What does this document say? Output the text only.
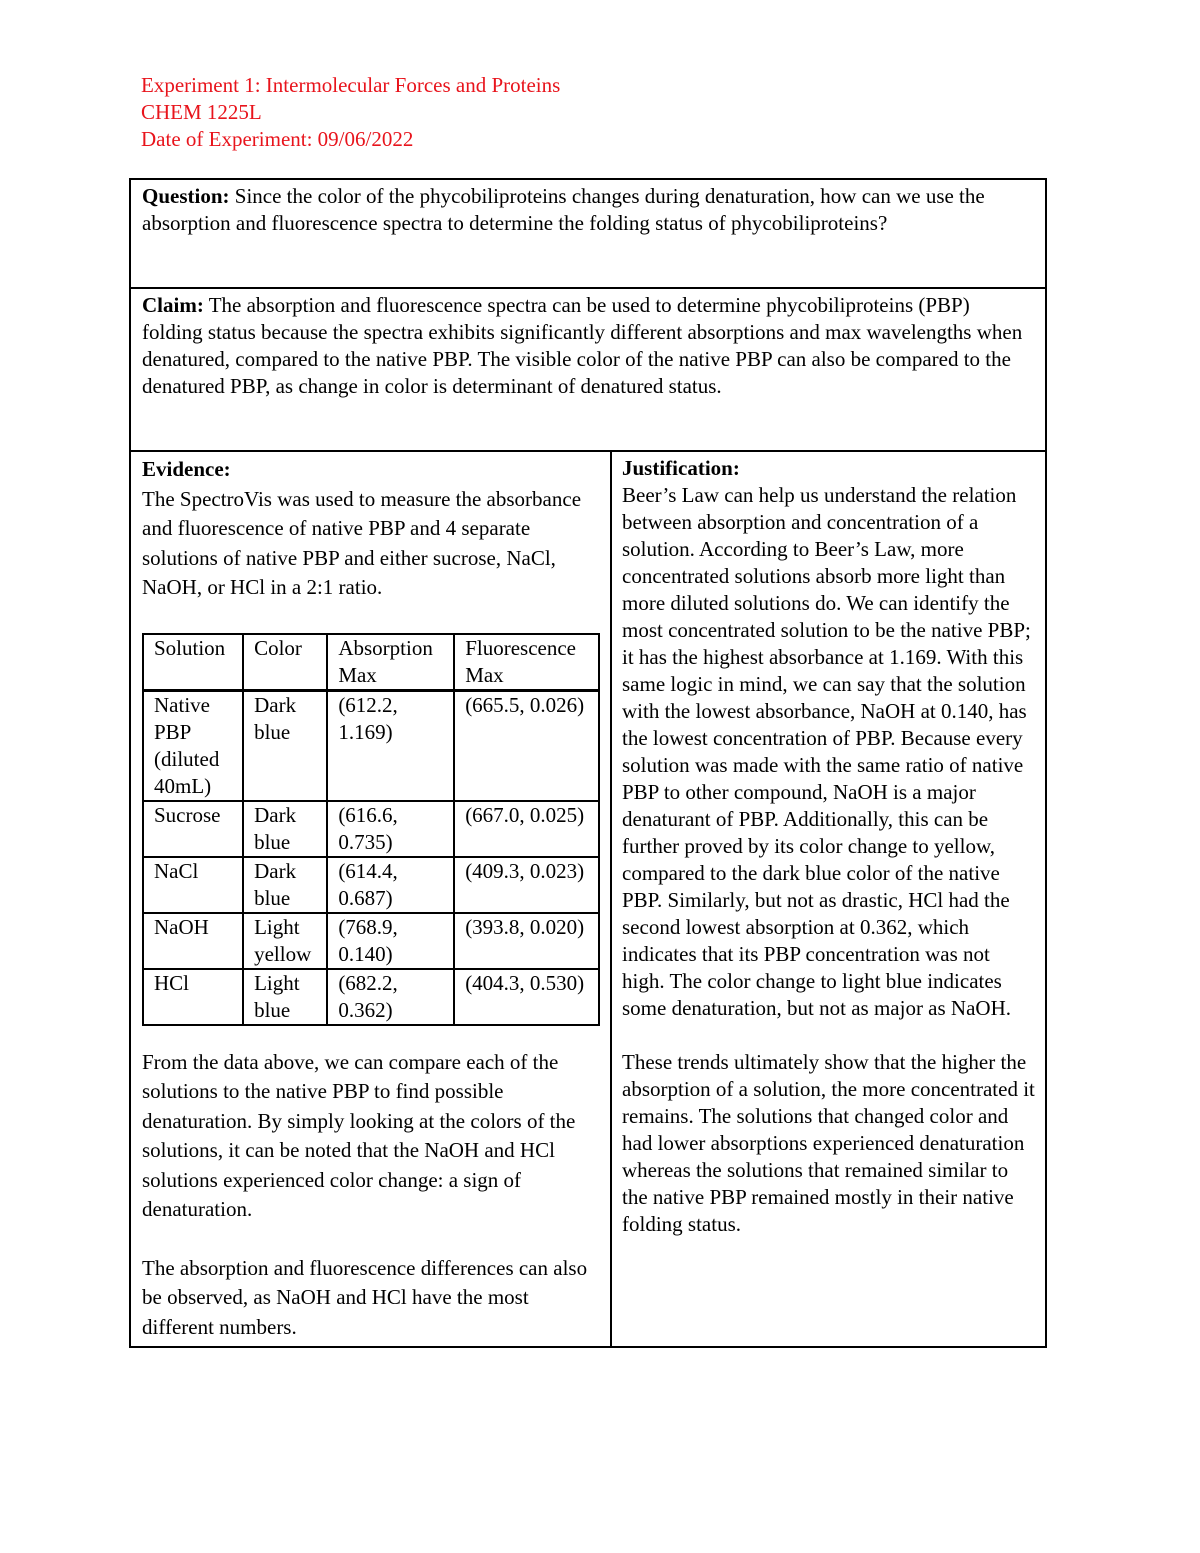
Experiment 1: Intermolecular Forces and Proteins
CHEM 1225L
Date of Experiment: 09/06/2022
Question: Since the color of the phycobiliproteins changes during denaturation, how can we use the absorption and fluorescence spectra to determine the folding status of phycobiliproteins?
Claim: The absorption and fluorescence spectra can be used to determine phycobiliproteins (PBP) folding status because the spectra exhibits significantly different absorptions and max wavelengths when denatured, compared to the native PBP. The visible color of the native PBP can also be compared to the denatured PBP, as change in color is determinant of denatured status.
Evidence:

The SpectroVis was used to measure the absorbance and fluorescence of native PBP and 4 separate solutions of native PBP and either sucrose, NaCl, NaOH, or HCl in a 2:1 ratio.

Solution	Color	Absorption Max	Fluorescence Max
Native PBP (diluted 40mL)	Dark blue	(612.2, 1.169)	(665.5, 0.026)
Sucrose	Dark blue	(616.6, 0.735)	(667.0, 0.025)
NaCl	Dark blue	(614.4, 0.687)	(409.3, 0.023)
NaOH	Light yellow	(768.9, 0.140)	(393.8, 0.020)
HCl	Light blue	(682.2, 0.362)	(404.3, 0.530)

From the data above, we can compare each of the solutions to the native PBP to find possible denaturation. By simply looking at the colors of the solutions, it can be noted that the NaOH and HCl solutions experienced color change: a sign of denaturation.

The absorption and fluorescence differences can also be observed, as NaOH and HCl have the most different numbers.

Justification:

Beer’s Law can help us understand the relation between absorption and concentration of a solution. According to Beer’s Law, more concentrated solutions absorb more light than more diluted solutions do. We can identify the most concentrated solution to be the native PBP; it has the highest absorbance at 1.169. With this same logic in mind, we can say that the solution with the lowest absorbance, NaOH at 0.140, has the lowest concentration of PBP. Because every solution was made with the same ratio of native PBP to other compound, NaOH is a major denaturant of PBP. Additionally, this can be further proved by its color change to yellow, compared to the dark blue color of the native PBP. Similarly, but not as drastic, HCl had the second lowest absorption at 0.362, which indicates that its PBP concentration was not high. The color change to light blue indicates some denaturation, but not as major as NaOH.

These trends ultimately show that the higher the absorption of a solution, the more concentrated it remains. The solutions that changed color and had lower absorptions experienced denaturation whereas the solutions that remained similar to the native PBP remained mostly in their native folding status.
